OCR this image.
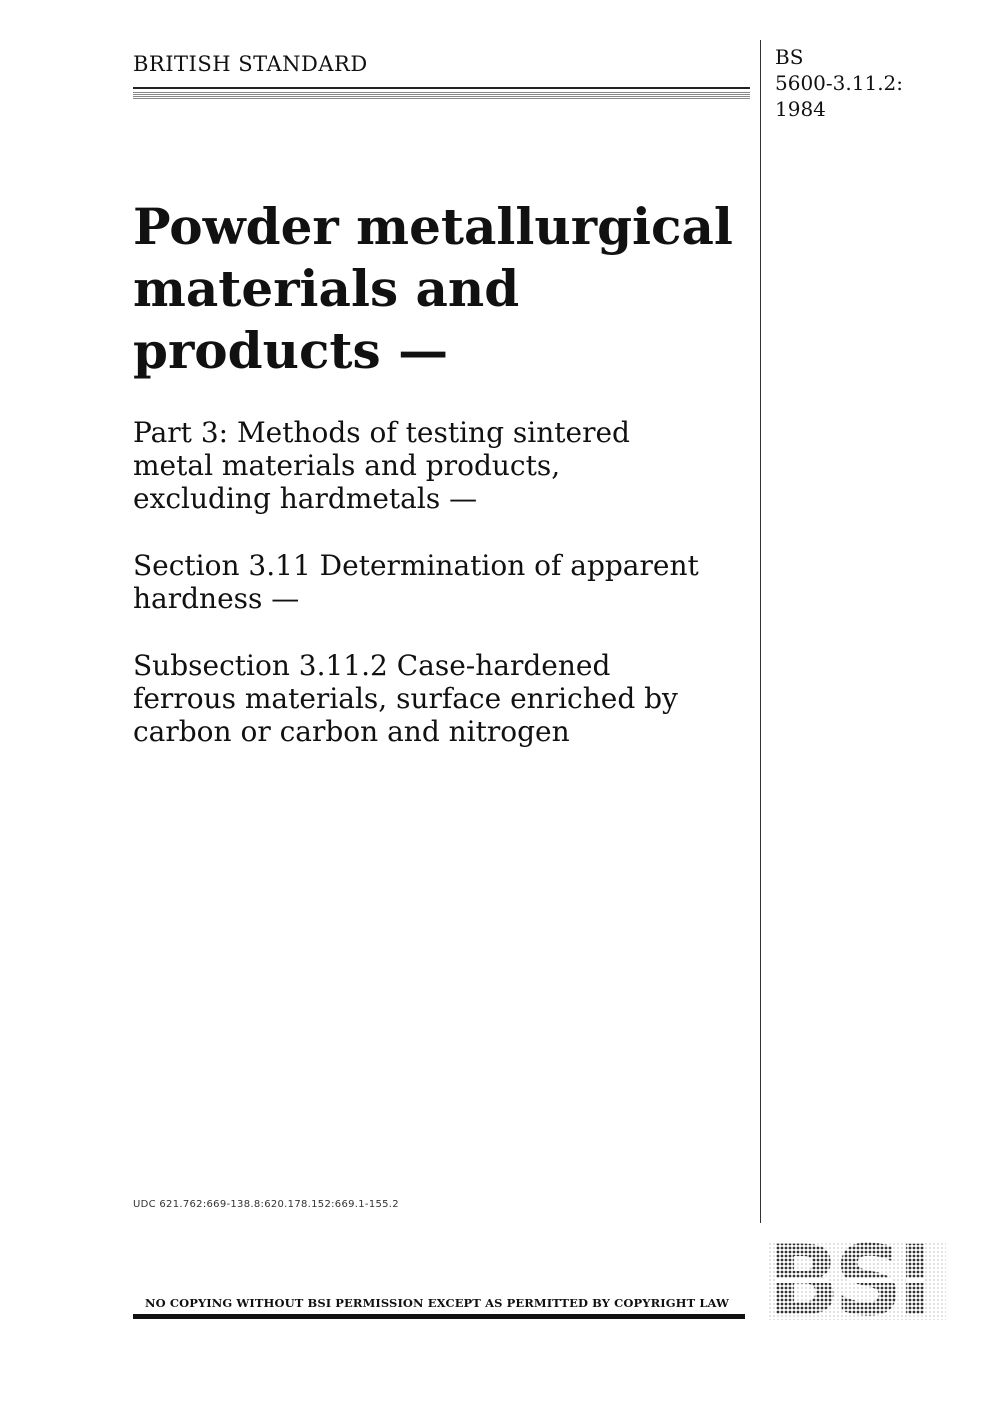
BRITISH STANDARD	BS
5600-3.11.2:
1984
Powder metallurgical
materials and
products —
Part 3: Methods of testing sintered
metal materials and products,
excluding hardmetals —
Section 3.11 Determination of apparent
hardness —
Subsection 3.11.2 Case-hardened
ferrous materials, surface enriched by
carbon or carbon and nitrogen
UDC 621.762:669-138.8:620.178.152:669.1-155.2
NO COPYING WITHOUT BSI PERMISSION EXCEPT AS PERMITTED BY COPYRIGHT LAW
